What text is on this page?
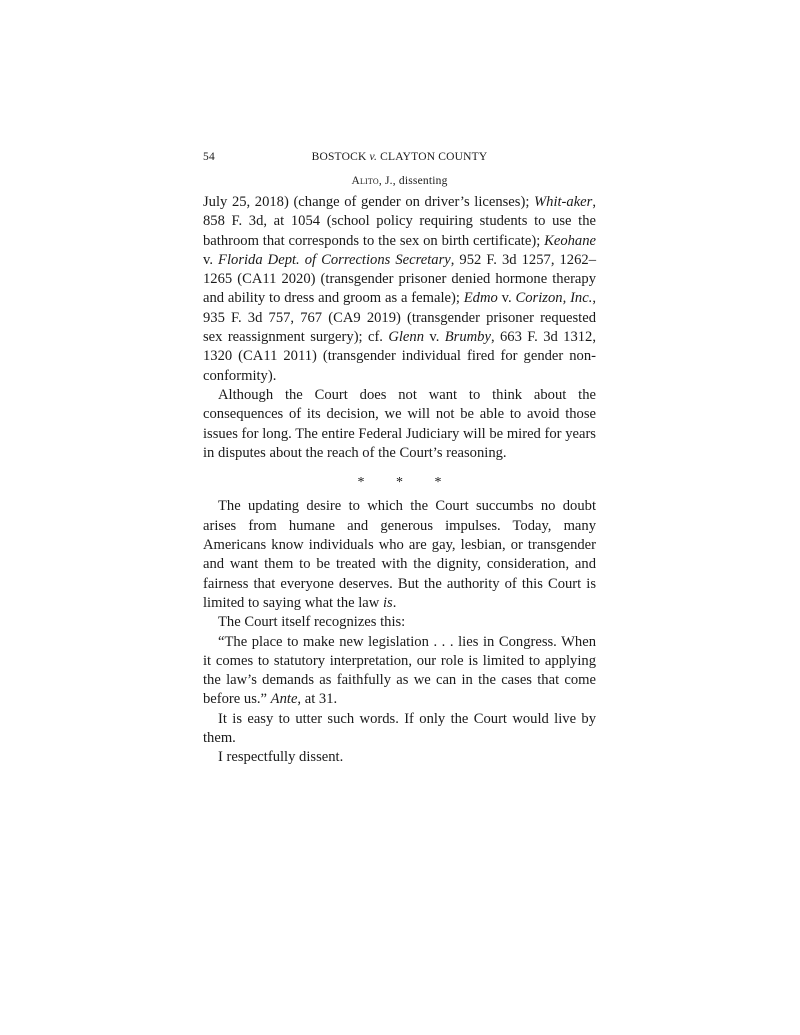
54	BOSTOCK v. CLAYTON COUNTY
Alito, J., dissenting

July 25, 2018) (change of gender on driver’s licenses); Whit-aker, 858 F. 3d, at 1054 (school policy requiring students to use the bathroom that corresponds to the sex on birth certificate); Keohane v. Florida Dept. of Corrections Secretary, 952 F. 3d 1257, 1262–1265 (CA11 2020) (transgender prisoner denied hormone therapy and ability to dress and groom as a female); Edmo v. Corizon, Inc., 935 F. 3d 757, 767 (CA9 2019) (transgender prisoner requested sex reassignment surgery); cf. Glenn v. Brumby, 663 F. 3d 1312, 1320 (CA11 2011) (transgender individual fired for gender non-conformity).

Although the Court does not want to think about the consequences of its decision, we will not be able to avoid those issues for long. The entire Federal Judiciary will be mired for years in disputes about the reach of the Court’s reasoning.

* * *

The updating desire to which the Court succumbs no doubt arises from humane and generous impulses. Today, many Americans know individuals who are gay, lesbian, or transgender and want them to be treated with the dignity, consideration, and fairness that everyone deserves. But the authority of this Court is limited to saying what the law is.

The Court itself recognizes this:

“The place to make new legislation . . . lies in Congress. When it comes to statutory interpretation, our role is limited to applying the law’s demands as faithfully as we can in the cases that come before us.” Ante, at 31.

It is easy to utter such words. If only the Court would live by them.

I respectfully dissent.
